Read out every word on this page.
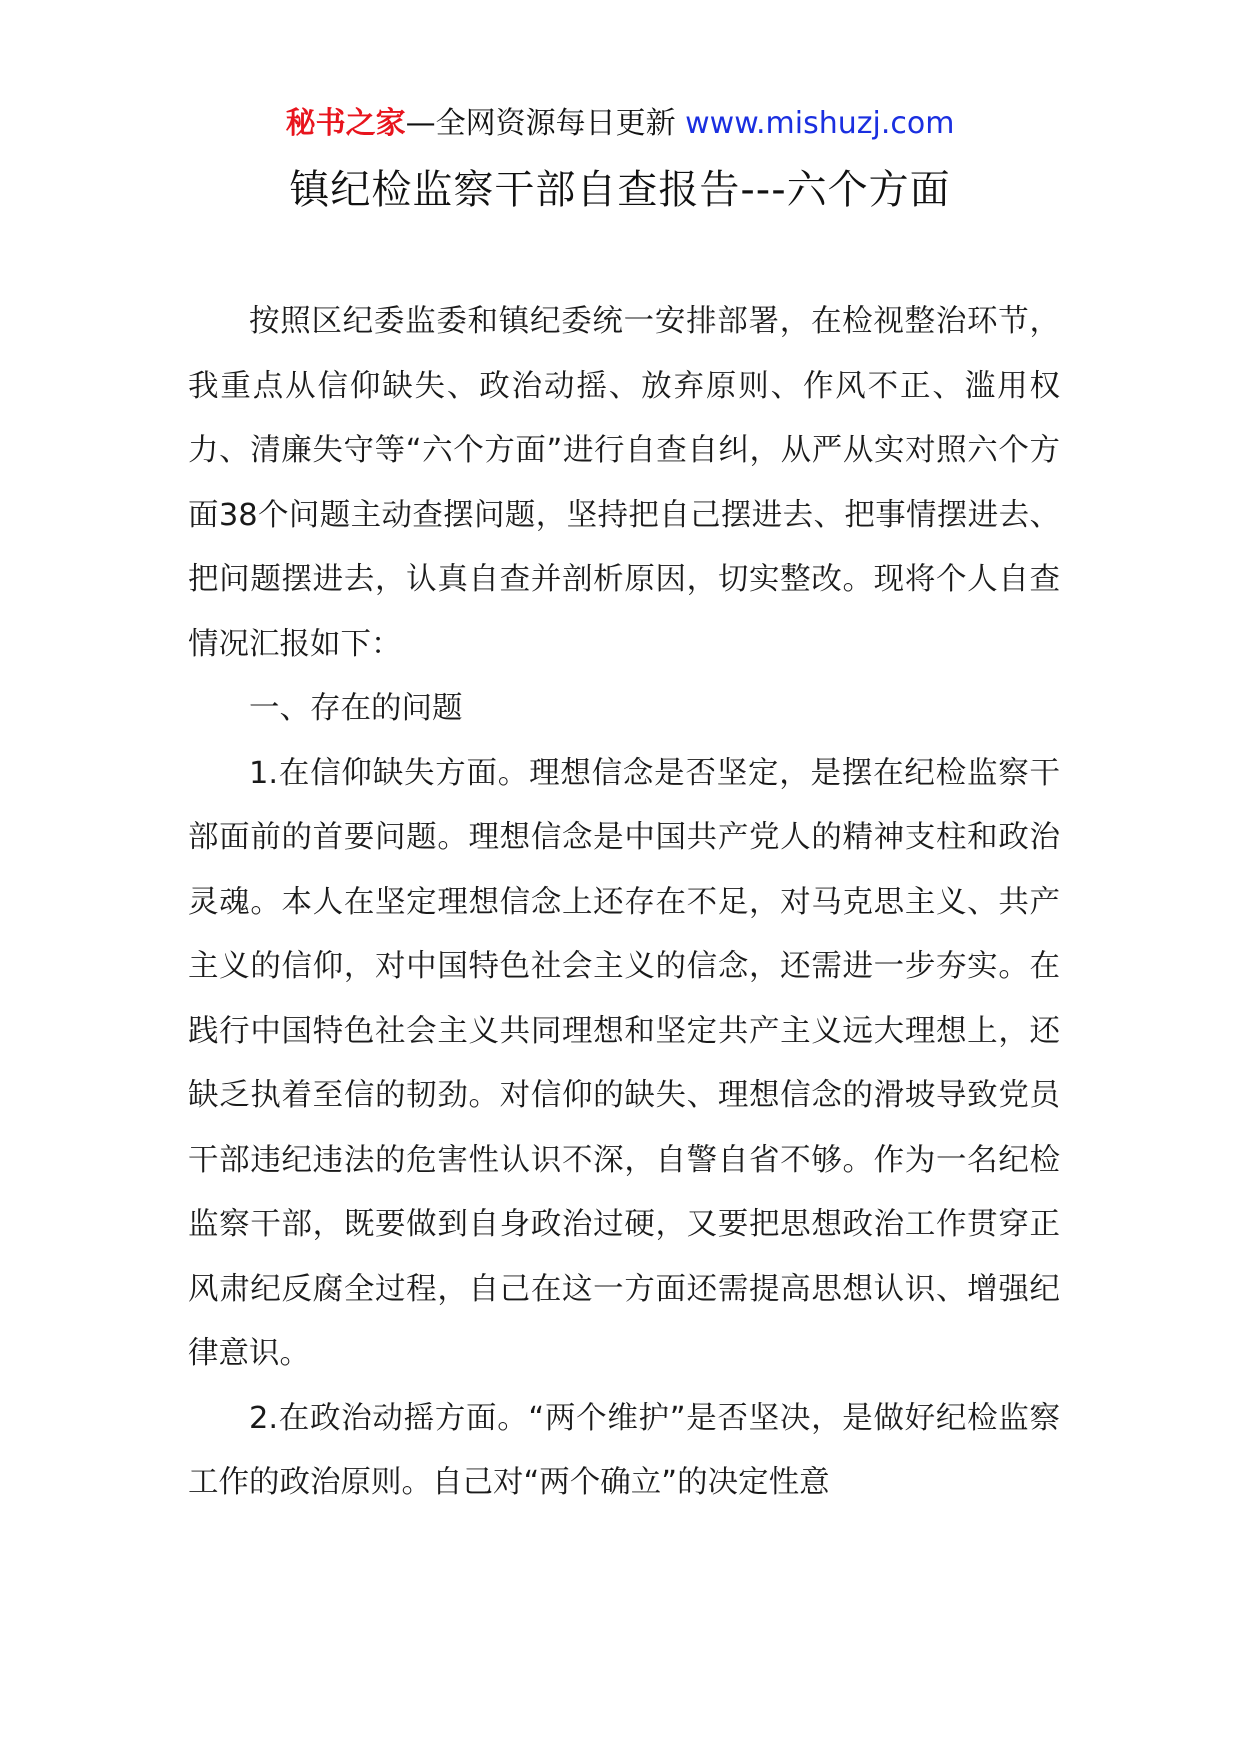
秘书之家—全网资源每日更新 www.mishuzj.com
镇纪检监察干部自查报告---六个方面

按照区纪委监委和镇纪委统一安排部署，在检视整治环节，我重点从信仰缺失、政治动摇、放弃原则、作风不正、滥用权力、清廉失守等“六个方面”进行自查自纠，从严从实对照六个方面38个问题主动查摆问题，坚持把自己摆进去、把事情摆进去、把问题摆进去，认真自查并剖析原因，切实整改。现将个人自查情况汇报如下：

一、存在的问题

1.在信仰缺失方面。理想信念是否坚定，是摆在纪检监察干部面前的首要问题。理想信念是中国共产党人的精神支柱和政治灵魂。本人在坚定理想信念上还存在不足，对马克思主义、共产主义的信仰，对中国特色社会主义的信念，还需进一步夯实。在践行中国特色社会主义共同理想和坚定共产主义远大理想上，还缺乏执着至信的韧劲。对信仰的缺失、理想信念的滑坡导致党员干部违纪违法的危害性认识不深，自警自省不够。作为一名纪检监察干部，既要做到自身政治过硬，又要把思想政治工作贯穿正风肃纪反腐全过程，自己在这一方面还需提高思想认识、增强纪律意识。

2.在政治动摇方面。“两个维护”是否坚决，是做好纪检监察工作的政治原则。自己对“两个确立”的决定性意
